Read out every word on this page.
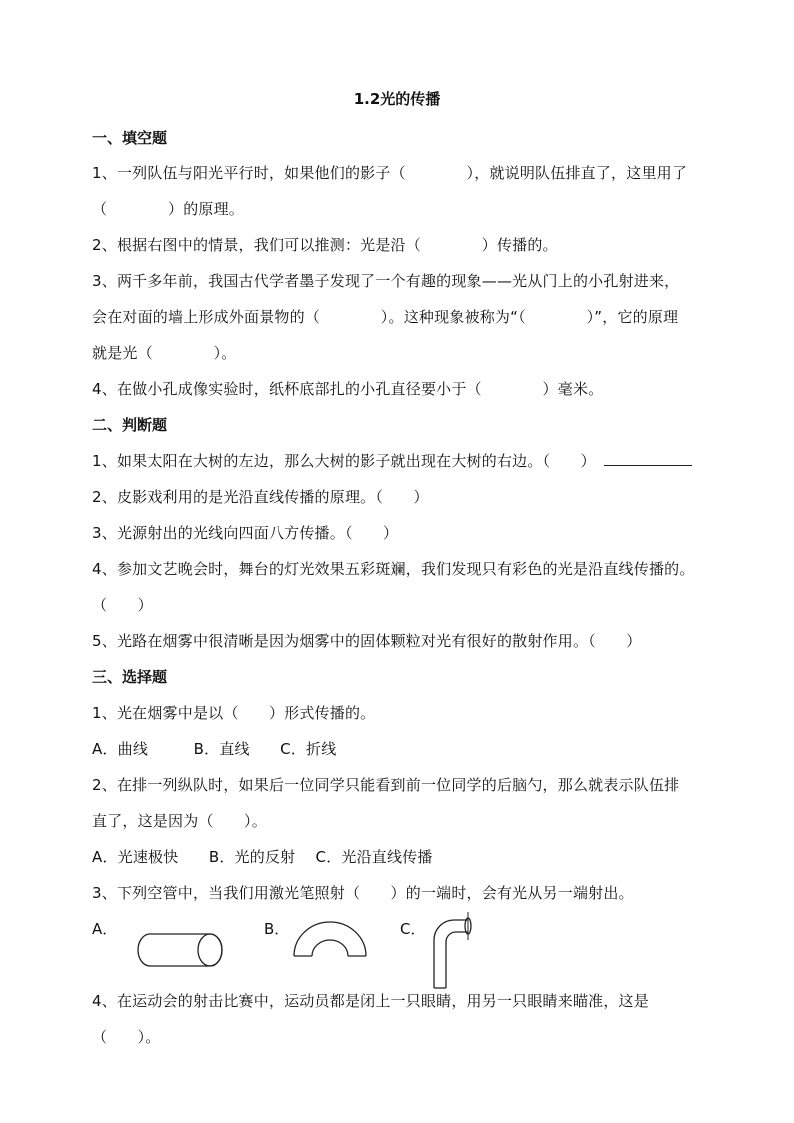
1.2光的传播
一、填空题
1、一列队伍与阳光平行时，如果他们的影子（　　　　），就说明队伍排直了，这里用了
（　　　　）的原理。
2、根据右图中的情景，我们可以推测：光是沿（　　　　）传播的。
3、两千多年前，我国古代学者墨子发现了一个有趣的现象——光从门上的小孔射进来，
会在对面的墙上形成外面景物的（　　　　）。这种现象被称为“（　　　　）”，它的原理
就是光（　　　　）。
4、在做小孔成像实验时，纸杯底部扎的小孔直径要小于（　　　　）毫米。
二、判断题
1、如果太阳在大树的左边，那么大树的影子就出现在大树的右边。（　　）
2、皮影戏利用的是光沿直线传播的原理。（　　）
3、光源射出的光线向四面八方传播。（　　）
4、参加文艺晚会时，舞台的灯光效果五彩斑斓，我们发现只有彩色的光是沿直线传播的。
（　　）
5、光路在烟雾中很清晰是因为烟雾中的固体颗粒对光有很好的散射作用。（　　）
三、选择题
1、光在烟雾中是以（　　）形式传播的。
A．曲线　　　B．直线　　C．折线
2、在排一列纵队时，如果后一位同学只能看到前一位同学的后脑勺，那么就表示队伍排
直了，这是因为（　　）。
A．光速极快　　B．光的反射　 C．光沿直线传播
3、下列空管中，当我们用激光笔照射（　　）的一端时，会有光从另一端射出。
A．	B．	C．
4、在运动会的射击比赛中，运动员都是闭上一只眼睛，用另一只眼睛来瞄准，这是
（　　）。
